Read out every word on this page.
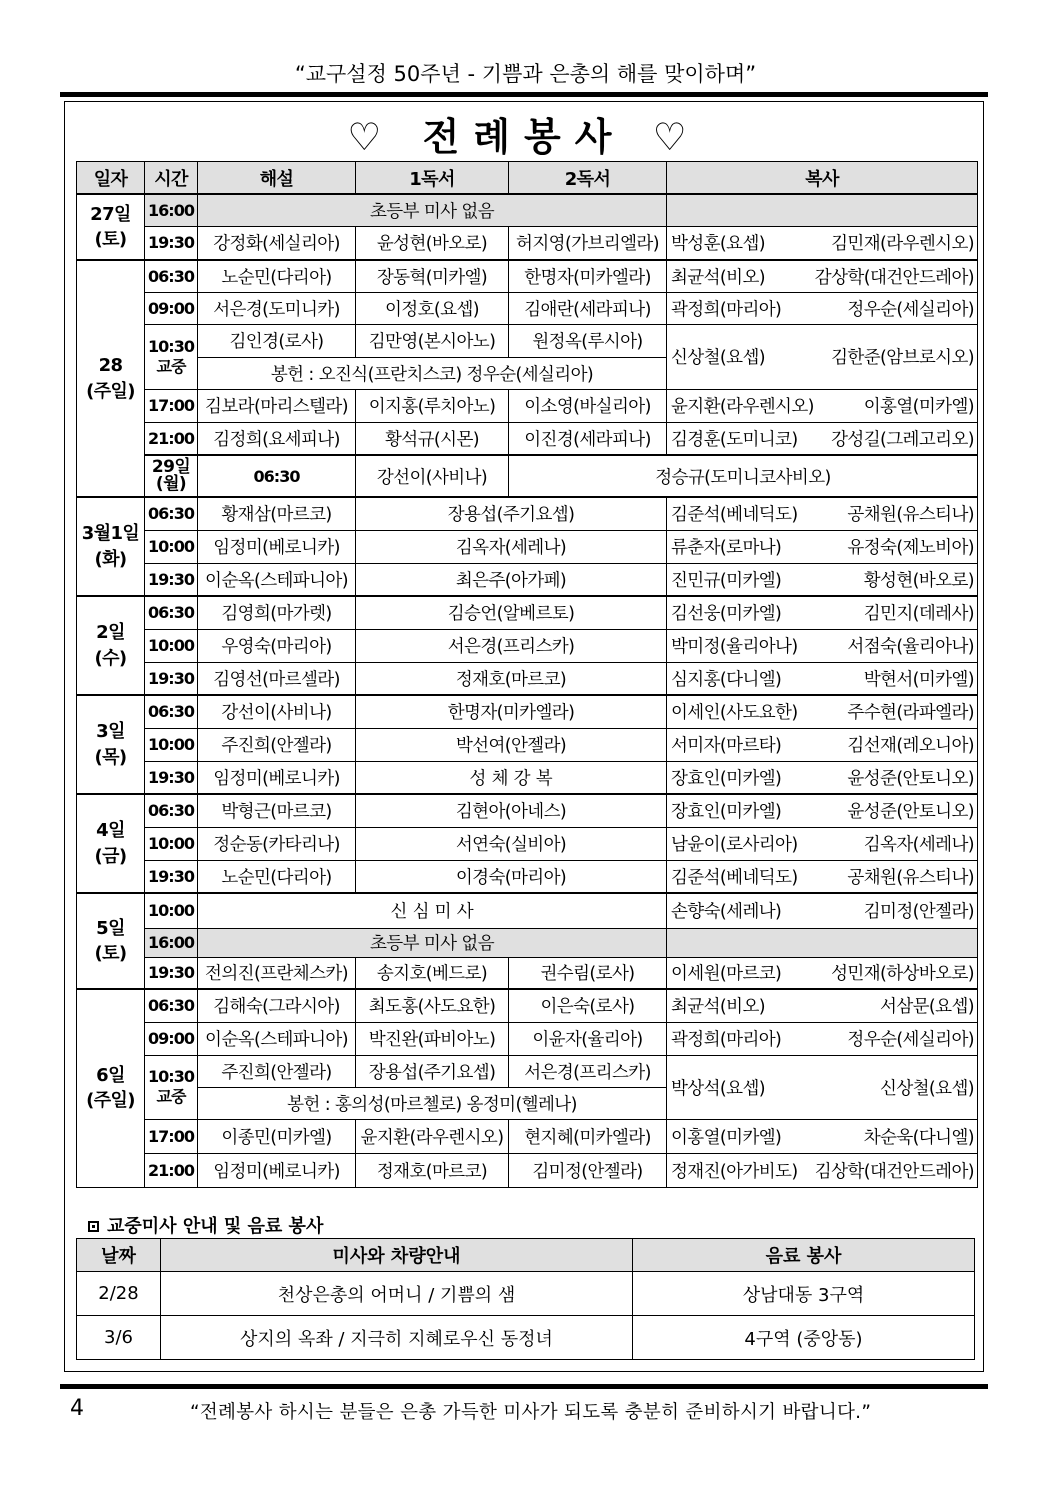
“교구설정 50주년 - 기쁨과 은총의 해를 맞이하며”
♡ 전례봉사 ♡
일자	시간	해설	1독서	2독서	복사	
27일
(토)	16:00	초등부 미사 없음				
	19:30	강정화(세실리아)	윤성현(바오로)	허지영(가브리엘라)	박성훈(요셉) 김민재(라우렌시오)	

28
(주일)	06:30	노순민(다리아)	장동혁(미카엘)	한명자(미카엘라)	최균석(비오) 감상학(대건안드레아)	

	09:00	서은경(도미니카)	이정호(요셉)	김애란(세라피나)	곽정희(마리아) 정우순(세실리아)	

	10:30
교중	김인경(로사)	김만영(본시아노)	원정옥(루시아)	신상철(요셉) 김한준(암브로시오)	

		봉헌 : 오진식(프란치스코) 정우순(세실리아)				
	17:00	김보라(마리스텔라)	이지홍(루치아노)	이소영(바실리아)	윤지환(라우렌시오) 이홍열(미카엘)	

	21:00	김정희(요세피나)	황석규(시몬)	이진경(세라피나)	김경훈(도미니코) 강성길(그레고리오)	

	29일
(월)	06:30	강선이(사비나)	정승규(도미니코사비오)	

3월1일
(화)	06:30	황재삼(마르코)	장용섭(주기요셉)		김준석(베네딕도) 공채원(유스티나)	

	10:00	임정미(베로니카)	김옥자(세레나)		류춘자(로마나) 유정숙(제노비아)	

	19:30	이순옥(스테파니아)	최은주(아가페)		진민규(미카엘) 황성현(바오로)	

2일
(수)	06:30	김영희(마가렛)	김승언(알베르토)		김선웅(미카엘) 김민지(데레사)	

	10:00	우영숙(마리아)	서은경(프리스카)		박미정(율리아나) 서점숙(율리아나)	

	19:30	김영선(마르셀라)	정재호(마르코)		심지홍(다니엘) 박현서(미카엘)	

3일
(목)	06:30	강선이(사비나)	한명자(미카엘라)		이세인(사도요한) 주수현(라파엘라)	

	10:00	주진희(안젤라)	박선여(안젤라)		서미자(마르타) 김선재(레오니아)	

	19:30	임정미(베로니카)	성 체 강 복		장효인(미카엘) 윤성준(안토니오)	

4일
(금)	06:30	박형근(마르코)	김현아(아네스)		장효인(미카엘) 윤성준(안토니오)	

	10:00	정순동(카타리나)	서연숙(실비아)		남윤이(로사리아) 김옥자(세레나)	

	19:30	노순민(다리아)	이경숙(마리아)		김준석(베네딕도) 공채원(유스티나)	

5일
(토)	10:00	신 심 미 사			손향숙(세레나) 김미정(안젤라)	

	16:00	초등부 미사 없음				
	19:30	전의진(프란체스카)	송지호(베드로)	권수림(로사)	이세원(마르코) 성민재(하상바오로)	

6일
(주일)	06:30	김해숙(그라시아)	최도홍(사도요한)	이은숙(로사)	최균석(비오) 서삼문(요셉)	

	09:00	이순옥(스테파니아)	박진완(파비아노)	이윤자(율리아)	곽정희(마리아) 정우순(세실리아)	

	10:30
교중	주진희(안젤라)	장용섭(주기요셉)	서은경(프리스카)	박상석(요셉) 신상철(요셉)	

		봉헌 : 홍의성(마르첼로) 옹정미(헬레나)				
	17:00	이종민(미카엘)	윤지환(라우렌시오)	현지혜(미카엘라)	이홍열(미카엘) 차순욱(다니엘)	

	21:00	임정미(베로니카)	정재호(마르코)	김미정(안젤라)	정재진(아가비도) 김상학(대건안드레아)	
교중미사 안내 및 음료 봉사
날짜	미사와 차량안내	음료 봉사
2/28	천상은총의 어머니 / 기쁨의 샘	상남대동 3구역
3/6	상지의 옥좌 / 지극히 지혜로우신 동정녀	4구역 (중앙동)
4	“전례봉사 하시는 분들은 은총 가득한 미사가 되도록 충분히 준비하시기 바랍니다.”
